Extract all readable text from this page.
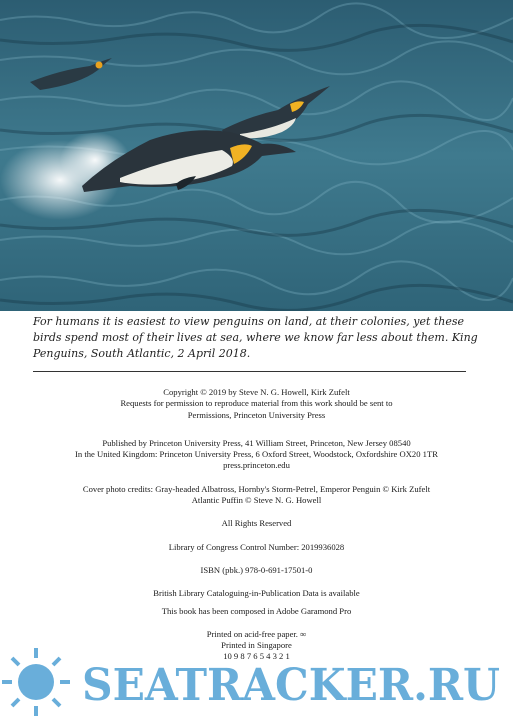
For humans it is easiest to view penguins on land, at their colonies, yet these birds spend most of their lives at sea, where we know far less about them. King Penguins, South Atlantic, 2 April 2018.

Copyright © 2019 by Steve N. G. Howell, Kirk Zufelt

Requests for permission to reproduce material from this work should be sent to

Permissions, Princeton University Press

Published by Princeton University Press, 41 William Street, Princeton, New Jersey 08540

In the United Kingdom: Princeton University Press, 6 Oxford Street, Woodstock, Oxfordshire OX20 1TR

press.princeton.edu

Cover photo credits: Gray-headed Albatross, Hornby's Storm-Petrel, Emperor Penguin © Kirk Zufelt

Atlantic Puffin © Steve N. G. Howell

All Rights Reserved

Library of Congress Control Number: 2019936028

ISBN (pbk.) 978-0-691-17501-0

British Library Cataloguing-in-Publication Data is available

This book has been composed in Adobe Garamond Pro

Printed on acid-free paper. ∞

Printed in Singapore

10 9 8 7 6 5 4 3 2 1

SEATRACKER.RU
